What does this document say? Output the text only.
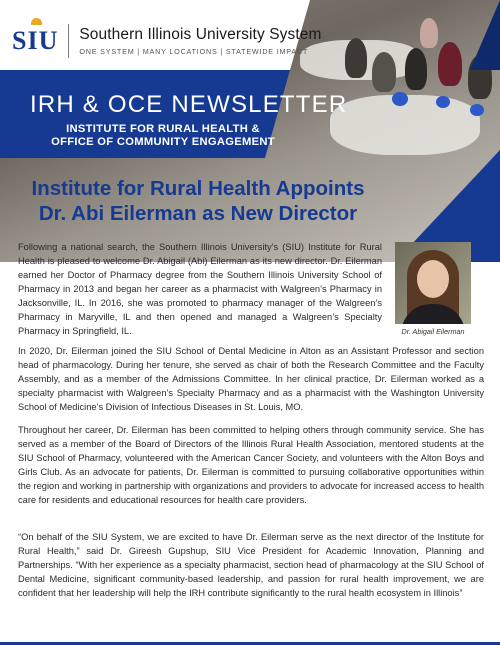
SIU Southern Illinois University System
ONE SYSTEM | MANY LOCATIONS | STATEWIDE IMPACT
IRH & OCE NEWSLETTER
INSTITUTE FOR RURAL HEALTH &
OFFICE OF COMMUNITY ENGAGEMENT
Institute for Rural Health Appoints
Dr. Abi Eilerman as New Director
Dr. Abigail Eilerman

Following a national search, the Southern Illinois University’s (SIU) Institute for Rural Health is pleased to welcome Dr. Abigail (Abi) Eilerman as its new director. Dr. Eilerman earned her Doctor of Pharmacy degree from the Southern Illinois University School of Pharmacy in 2013 and began her career as a pharmacist with Walgreen’s Pharmacy in Jacksonville, IL. In 2016, she was promoted to pharmacy manager of the Walgreen’s Pharmacy in Maryville, IL and then opened and managed a Walgreen’s Specialty Pharmacy in Springfield, IL.

In 2020, Dr. Eilerman joined the SIU School of Dental Medicine in Alton as an Assistant Professor and section head of pharmacology. During her tenure, she served as chair of both the Research Committee and the Faculty Assembly, and as a member of the Admissions Committee. In her clinical practice, Dr. Eilerman worked as a specialty pharmacist with Walgreen’s Specialty Pharmacy and as a pharmacist with the Washington University School of Medicine’s Division of Infectious Diseases in St. Louis, MO.

Throughout her career, Dr. Eilerman has been committed to helping others through community service. She has served as a member of the Board of Directors of the Illinois Rural Health Association, mentored students at the SIU School of Pharmacy, volunteered with the American Cancer Society, and volunteers with the Alton Boys and Girls Club. As an advocate for patients, Dr. Eilerman is committed to pursuing collaborative opportunities within the region and working in partnership with organizations and providers to advocate for increased access to health care for residents and educational resources for health care providers.

“On behalf of the SIU System, we are excited to have Dr. Eilerman serve as the next director of the Institute for Rural Health,” said Dr. Gireesh Gupshup, SIU Vice President for Academic Innovation, Planning and Partnerships. “With her experience as a specialty pharmacist, section head of pharmacology at the SIU School of Dental Medicine, significant community-based leadership, and passion for rural health improvement, we are confident that her leadership will help the IRH contribute significantly to the rural health ecosystem in Illinois”
